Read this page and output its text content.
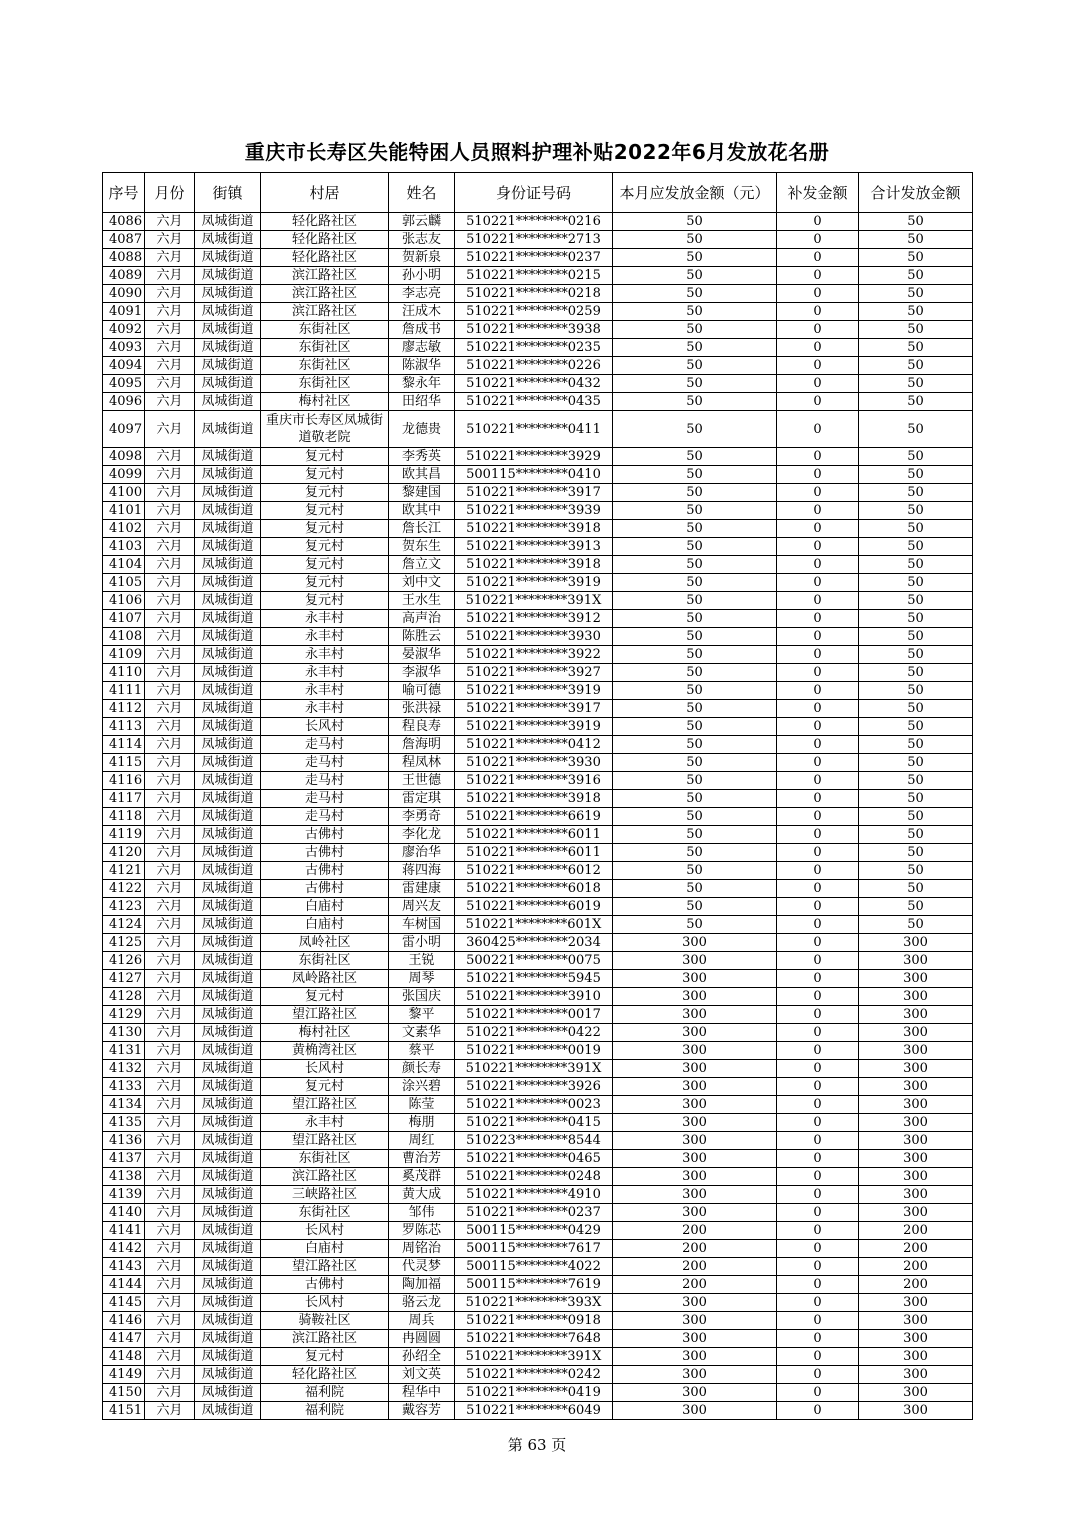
重庆市长寿区失能特困人员照料护理补贴2022年6月发放花名册
序号	月份	街镇	村居	姓名	身份证号码	本月应发放金额（元）	补发金额	合计发放金额
4086	六月	凤城街道	轻化路社区	郭云麟	510221********0216	50	0	50
4087	六月	凤城街道	轻化路社区	张志友	510221********2713	50	0	50
4088	六月	凤城街道	轻化路社区	贺新泉	510221********0237	50	0	50
4089	六月	凤城街道	滨江路社区	孙小明	510221********0215	50	0	50
4090	六月	凤城街道	滨江路社区	李志亮	510221********0218	50	0	50
4091	六月	凤城街道	滨江路社区	汪成木	510221********0259	50	0	50
4092	六月	凤城街道	东街社区	詹成书	510221********3938	50	0	50
4093	六月	凤城街道	东街社区	廖志敏	510221********0235	50	0	50
4094	六月	凤城街道	东街社区	陈淑华	510221********0226	50	0	50
4095	六月	凤城街道	东街社区	黎永年	510221********0432	50	0	50
4096	六月	凤城街道	梅村社区	田绍华	510221********0435	50	0	50
4097	六月	凤城街道	重庆市长寿区凤城街道敬老院	龙德贵	510221********0411	50	0	50
4098	六月	凤城街道	复元村	李秀英	510221********3929	50	0	50
4099	六月	凤城街道	复元村	欧其昌	500115********0410	50	0	50
4100	六月	凤城街道	复元村	黎建国	510221********3917	50	0	50
4101	六月	凤城街道	复元村	欧其中	510221********3939	50	0	50
4102	六月	凤城街道	复元村	詹长江	510221********3918	50	0	50
4103	六月	凤城街道	复元村	贺东生	510221********3913	50	0	50
4104	六月	凤城街道	复元村	詹立文	510221********3918	50	0	50
4105	六月	凤城街道	复元村	刘中文	510221********3919	50	0	50
4106	六月	凤城街道	复元村	王水生	510221********391X	50	0	50
4107	六月	凤城街道	永丰村	高声治	510221********3912	50	0	50
4108	六月	凤城街道	永丰村	陈胜云	510221********3930	50	0	50
4109	六月	凤城街道	永丰村	晏淑华	510221********3922	50	0	50
4110	六月	凤城街道	永丰村	李淑华	510221********3927	50	0	50
4111	六月	凤城街道	永丰村	喻可德	510221********3919	50	0	50
4112	六月	凤城街道	永丰村	张洪禄	510221********3917	50	0	50
4113	六月	凤城街道	长风村	程良寿	510221********3919	50	0	50
4114	六月	凤城街道	走马村	詹海明	510221********0412	50	0	50
4115	六月	凤城街道	走马村	程凤林	510221********3930	50	0	50
4116	六月	凤城街道	走马村	王世德	510221********3916	50	0	50
4117	六月	凤城街道	走马村	雷定琪	510221********3918	50	0	50
4118	六月	凤城街道	走马村	李勇奇	510221********6619	50	0	50
4119	六月	凤城街道	古佛村	李化龙	510221********6011	50	0	50
4120	六月	凤城街道	古佛村	廖治华	510221********6011	50	0	50
4121	六月	凤城街道	古佛村	蒋四海	510221********6012	50	0	50
4122	六月	凤城街道	古佛村	雷建康	510221********6018	50	0	50
4123	六月	凤城街道	白庙村	周兴友	510221********6019	50	0	50
4124	六月	凤城街道	白庙村	车树国	510221********601X	50	0	50
4125	六月	凤城街道	凤岭社区	雷小明	360425********2034	300	0	300
4126	六月	凤城街道	东街社区	王锐	500221********0075	300	0	300
4127	六月	凤城街道	凤岭路社区	周琴	510221********5945	300	0	300
4128	六月	凤城街道	复元村	张国庆	510221********3910	300	0	300
4129	六月	凤城街道	望江路社区	黎平	510221********0017	300	0	300
4130	六月	凤城街道	梅村社区	文素华	510221********0422	300	0	300
4131	六月	凤城街道	黄桷湾社区	蔡平	510221********0019	300	0	300
4132	六月	凤城街道	长风村	颜长寿	510221********391X	300	0	300
4133	六月	凤城街道	复元村	涂兴碧	510221********3926	300	0	300
4134	六月	凤城街道	望江路社区	陈莹	510221********0023	300	0	300
4135	六月	凤城街道	永丰村	梅朋	510221********0415	300	0	300
4136	六月	凤城街道	望江路社区	周红	510223********8544	300	0	300
4137	六月	凤城街道	东街社区	曹治芳	510221********0465	300	0	300
4138	六月	凤城街道	滨江路社区	奚茂群	510221********0248	300	0	300
4139	六月	凤城街道	三峡路社区	黄大成	510221********4910	300	0	300
4140	六月	凤城街道	东街社区	邹伟	510221********0237	300	0	300
4141	六月	凤城街道	长风村	罗陈芯	500115********0429	200	0	200
4142	六月	凤城街道	白庙村	周铭治	500115********7617	200	0	200
4143	六月	凤城街道	望江路社区	代灵梦	500115********4022	200	0	200
4144	六月	凤城街道	古佛村	陶加福	500115********7619	200	0	200
4145	六月	凤城街道	长风村	骆云龙	510221********393X	300	0	300
4146	六月	凤城街道	骑鞍社区	周兵	510221********0918	300	0	300
4147	六月	凤城街道	滨江路社区	冉圆圆	510221********7648	300	0	300
4148	六月	凤城街道	复元村	孙绍全	510221********391X	300	0	300
4149	六月	凤城街道	轻化路社区	刘文英	510221********0242	300	0	300
4150	六月	凤城街道	福利院	程华中	510221********0419	300	0	300
4151	六月	凤城街道	福利院	戴容芳	510221********6049	300	0	300
第 63 页
